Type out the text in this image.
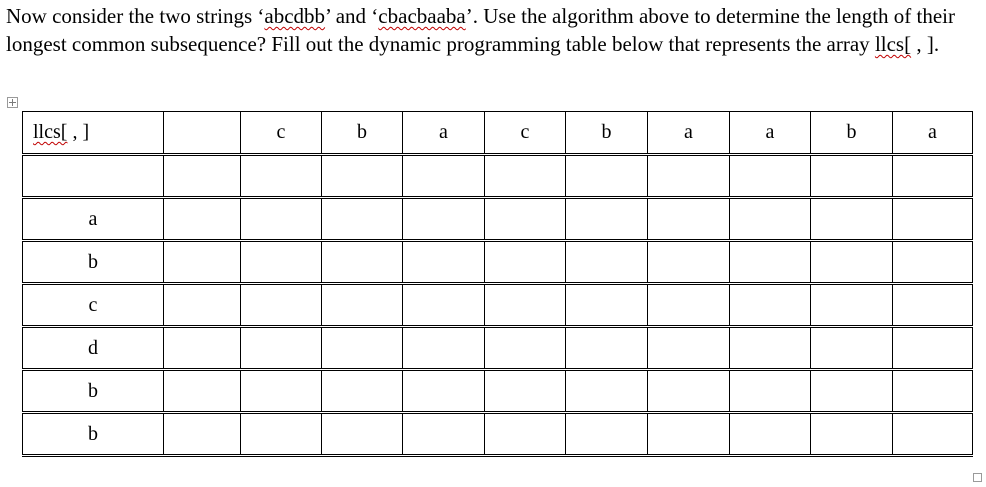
Now consider the two strings ‘abcdbb’ and ‘cbacbaaba’. Use the algorithm above to determine the length of their longest common subsequence? Fill out the dynamic programming table below that represents the array llcs[ , ].

llcs[ , ]		c	b	a	c	b	a	a	b	a

a										
b										
c										
d										
b										
b										
